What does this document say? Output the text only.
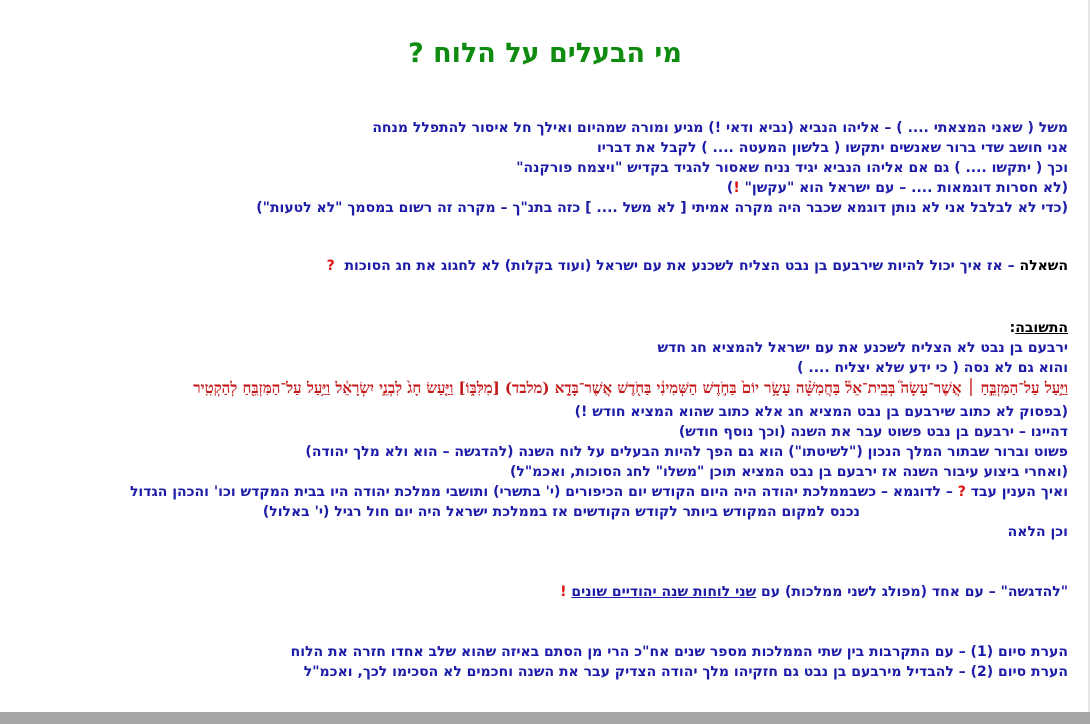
מי הבעלים על הלוח ?
משל ( שאני המצאתי .... ) – אליהו הנביא (נביא ודאי !) מגיע ומורה שמהיום ואילך חל איסור להתפלל מנחה
אני חושב שדי ברור שאנשים יתקשו ( בלשון המעטה .... ) לקבל את דבריו
וכך ( יתקשו .... ) גם אם אליהו הנביא יגיד נניח שאסור להגיד בקדיש "ויצמח פורקנה"
(לא חסרות דוגמאות .... – עם ישראל הוא "עקשן" !)
(כדי לא לבלבל אני לא נותן דוגמא שכבר היה מקרה אמיתי [ לא משל .... ] כזה בתנ"ך – מקרה זה רשום במסמך "לא לטעות")
השאלה – אז איך יכול להיות שירבעם בן נבט הצליח לשכנע את עם ישראל (ועוד בקלות) לא לחגוג את חג הסוכות  ?
התשובה:
ירבעם בן נבט לא הצליח לשכנע את עם ישראל להמציא חג חדש
והוא גם לא נסה ( כי ידע שלא יצליח .... )
וַיַּ֣עַל עַל־הַמִּזְבֵּ֣חַ ׀ אֲשֶׁר־עָשָׂה֮ בְּבֵֽית־אֵל֒ בַּחֲמִשָּׁ֨ה עָשָׂ֥ר יוֹם֙ בַּחֹ֣דֶשׁ הַשְּׁמִינִ֔י בַּחֹ֖דֶשׁ אֲשֶׁר־בָּדָ֣א (מלבד) [מִלִּבּ֑וֹ] וַיַּ֤עַשׂ חָג֙ לִבְנֵ֣י יִשְׂרָאֵ֔ל וַיַּ֥עַל עַל־הַמִּזְבֵּ֖חַ לְהַקְטִֽיר
(בפסוק לא כתוב שירבעם בן נבט המציא חג אלא כתוב שהוא המציא חודש !)
דהיינו – ירבעם בן נבט פשוט עבר את השנה (וכך נוסף חודש)
פשוט וברור שבתור המלך הנכון ("לשיטתו") הוא גם הפך להיות הבעלים על לוח השנה (להדגשה – הוא ולא מלך יהודה)
(ואחרי ביצוע עיבור השנה אז ירבעם בן נבט המציא תוכן "משלו" לחג הסוכות, ואכמ"ל)
ואיך הענין עבד ? – לדוגמא – כשבממלכת יהודה היה היום הקודש יום הכיפורים (י' בתשרי) ותושבי ממלכת יהודה היו בבית המקדש וכו' והכהן הגדול
נכנס למקום המקודש ביותר לקודש הקודשים אז בממלכת ישראל היה יום חול רגיל (י' באלול)
וכן הלאה
"להדגשה" – עם אחד (מפולג לשני ממלכות) עם שני לוחות שנה יהודיים שונים !
הערת סיום (1) – עם התקרבות בין שתי הממלכות מספר שנים אח"כ הרי מן הסתם באיזה שהוא שלב אחדו חזרה את הלוח
הערת סיום (2) – להבדיל מירבעם בן נבט גם חזקיהו מלך יהודה הצדיק עבר את השנה וחכמים לא הסכימו לכך, ואכמ"ל
